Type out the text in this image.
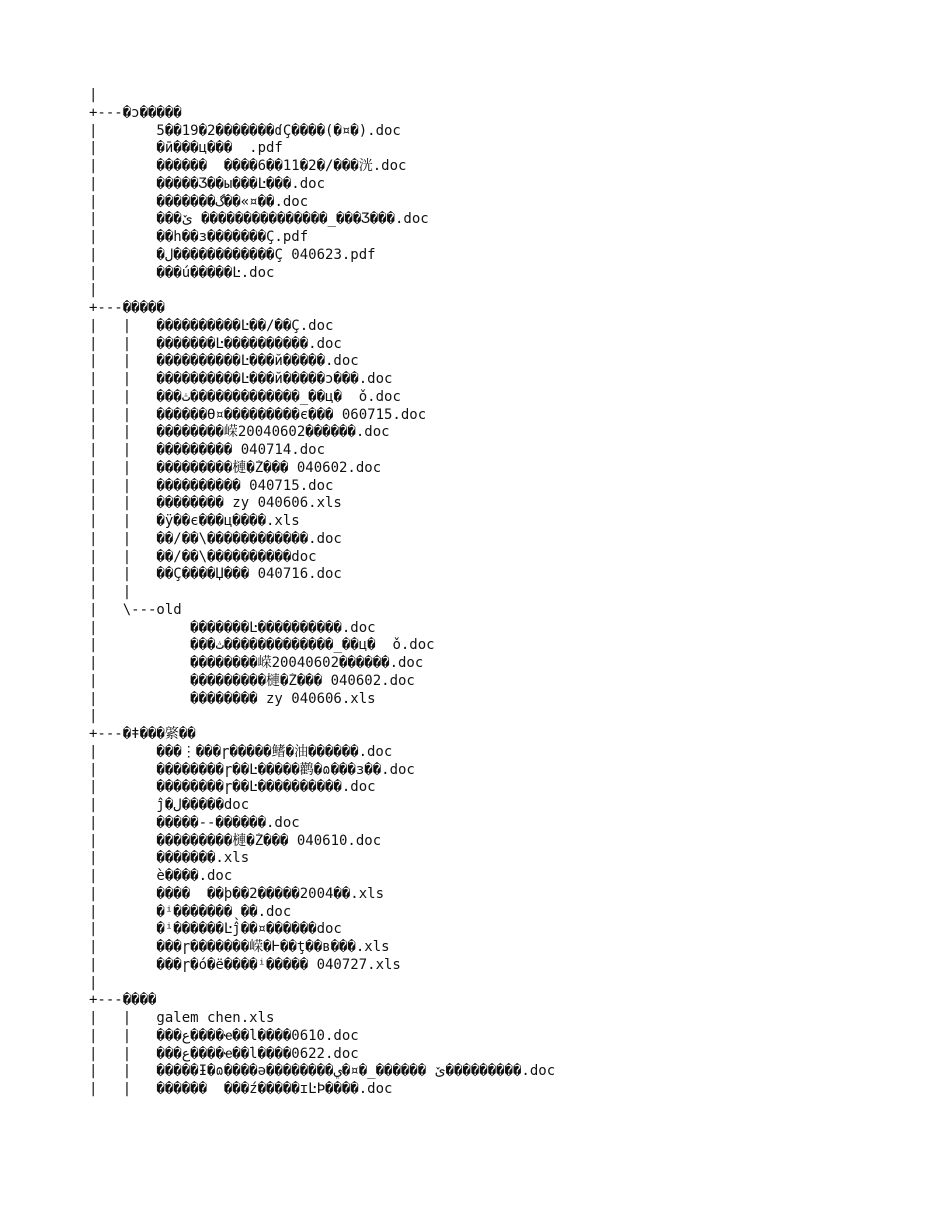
|
+---�ɔ�����
|       5��19�2�������ɗÇ����(�¤�).doc
|       �ӣ���ц���  .pdf
|       ������  ����6��11�2�/���洸.doc
|       �����Ʒ��ы���Ŀ���.doc
|       �������گ��«¤��.doc
|       ���ێ ���������������_���Ʒ���.doc
|       ��һ��з�������Ç.pdf
|       �ل������������Ç 040623.pdf
|       ���ú�����Ŀ.doc
|
+---�����
|   |   ����������Ŀ��/��Ç.doc
|   |   �������Ŀ����������.doc
|   |   ����������Ŀ���й�����.doc
|   |   ����������Ŀ���й�����ɔ���.doc
|   |   ���ث�������������_��ц�  ǒ.doc
|   |   ������ϴ¤���������є��� 060715.doc
|   |   ��������嵘20040602������.doc
|   |   ��������� 040714.doc
|   |   ���������槤�Ž��� 040602.doc
|   |   ���������� 040715.doc
|   |   �������� zy 040606.xls
|   |   �ÿ��є���ц����.xls
|   |   ��/��\������������.doc
|   |   ��/��\����������doc
|   |   ��Ç����Џ��� 040716.doc
|   |
|   \---old
|           �������Ŀ����������.doc
|           ���ث�������������_��ц�  ǒ.doc
|           ��������嵘20040602������.doc
|           ���������槤�Ž��� 040602.doc
|           �������� zy 040606.xls
|
+---�ǂ���綮��
|       ���⋮���ɼ�����鳍�油������.doc
|       ��������ɼ��Ŀ�����鹳�ɷ���з��.doc
|       ��������ɼ��Ŀ����������.doc
|       ĵ�ل�����doc
|       �����--������.doc
|       ���������槤�Ž��� 040610.doc
|       �������.xls
|       ѐ����.doc
|       ����  ��þ��2�����2004��.xls
|       �ⁱ�������ˎ��.doc
|       �ⁱ������Ŀĵ��¤������doc
|       ���ɼ�������嵘�Ⱶ��ţ��в���.xls
|       ���ɼ�ó�ё����ⁱ����� 040727.xls
|
+---����
|   |   galem chen.xls
|   |   ���ع����ҽ��ĺ����0610.doc
|   |   ���ع����ҽ��ĺ����0622.doc
|   |   �����Ɨ�ɷ����ǝ��������ێ ������_�¤�ي���������.doc
|   |   ������  ���ź�����ɪĿϷ����.doc
